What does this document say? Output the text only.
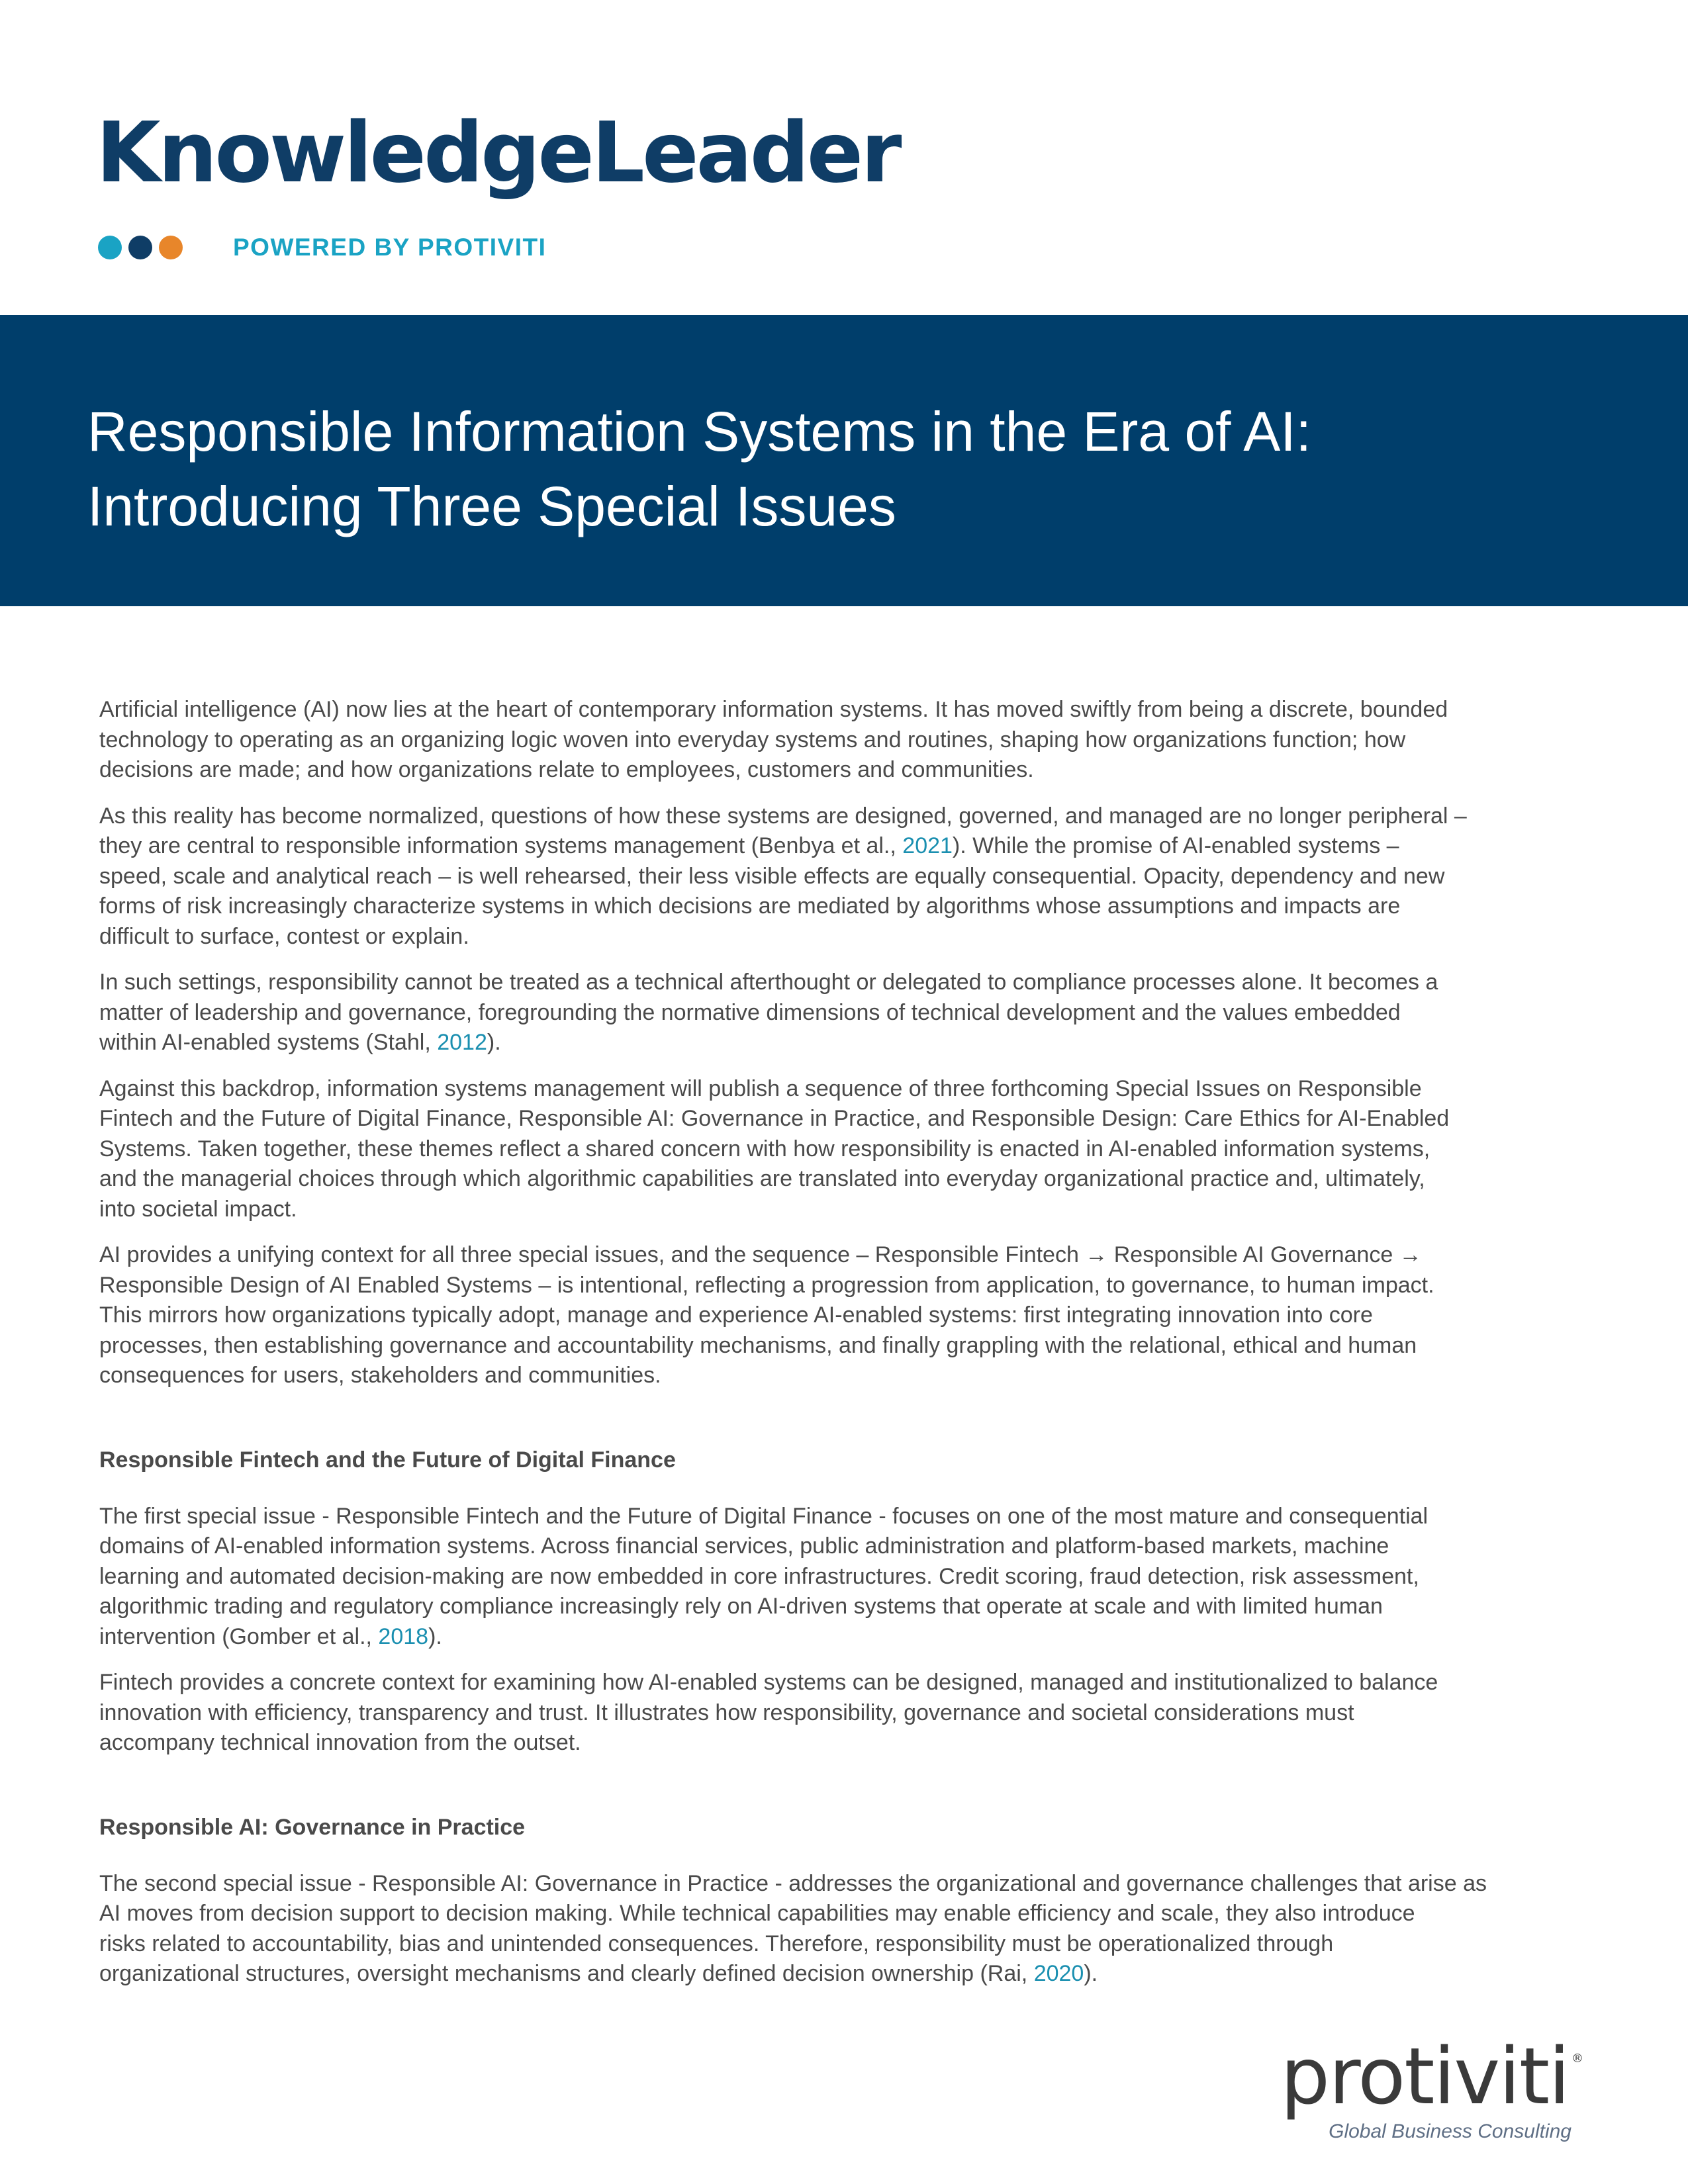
KnowledgeLeader
POWERED BY PROTIVITI
Responsible Information Systems in the Era of AI:
Introducing Three Special Issues

Artificial intelligence (AI) now lies at the heart of contemporary information systems. It has moved swiftly from being a discrete, bounded
technology to operating as an organizing logic woven into everyday systems and routines, shaping how organizations function; how
decisions are made; and how organizations relate to employees, customers and communities.

As this reality has become normalized, questions of how these systems are designed, governed, and managed are no longer peripheral –
they are central to responsible information systems management (Benbya et al., 2021). While the promise of AI-enabled systems –
speed, scale and analytical reach – is well rehearsed, their less visible effects are equally consequential. Opacity, dependency and new
forms of risk increasingly characterize systems in which decisions are mediated by algorithms whose assumptions and impacts are
difficult to surface, contest or explain.

In such settings, responsibility cannot be treated as a technical afterthought or delegated to compliance processes alone. It becomes a
matter of leadership and governance, foregrounding the normative dimensions of technical development and the values embedded
within AI-enabled systems (Stahl, 2012).

Against this backdrop, information systems management will publish a sequence of three forthcoming Special Issues on Responsible
Fintech and the Future of Digital Finance, Responsible AI: Governance in Practice, and Responsible Design: Care Ethics for AI-Enabled
Systems. Taken together, these themes reflect a shared concern with how responsibility is enacted in AI-enabled information systems,
and the managerial choices through which algorithmic capabilities are translated into everyday organizational practice and, ultimately,
into societal impact.

AI provides a unifying context for all three special issues, and the sequence – Responsible Fintech → Responsible AI Governance →
Responsible Design of AI Enabled Systems – is intentional, reflecting a progression from application, to governance, to human impact.
This mirrors how organizations typically adopt, manage and experience AI-enabled systems: first integrating innovation into core
processes, then establishing governance and accountability mechanisms, and finally grappling with the relational, ethical and human
consequences for users, stakeholders and communities.

Responsible Fintech and the Future of Digital Finance

The first special issue - Responsible Fintech and the Future of Digital Finance - focuses on one of the most mature and consequential
domains of AI-enabled information systems. Across financial services, public administration and platform-based markets, machine
learning and automated decision-making are now embedded in core infrastructures. Credit scoring, fraud detection, risk assessment,
algorithmic trading and regulatory compliance increasingly rely on AI-driven systems that operate at scale and with limited human
intervention (Gomber et al., 2018).

Fintech provides a concrete context for examining how AI-enabled systems can be designed, managed and institutionalized to balance
innovation with efficiency, transparency and trust. It illustrates how responsibility, governance and societal considerations must
accompany technical innovation from the outset.

Responsible AI: Governance in Practice

The second special issue - Responsible AI: Governance in Practice - addresses the organizational and governance challenges that arise as
AI moves from decision support to decision making. While technical capabilities may enable efficiency and scale, they also introduce
risks related to accountability, bias and unintended consequences. Therefore, responsibility must be operationalized through
organizational structures, oversight mechanisms and clearly defined decision ownership (Rai, 2020).

protiviti ®
Global Business Consulting
